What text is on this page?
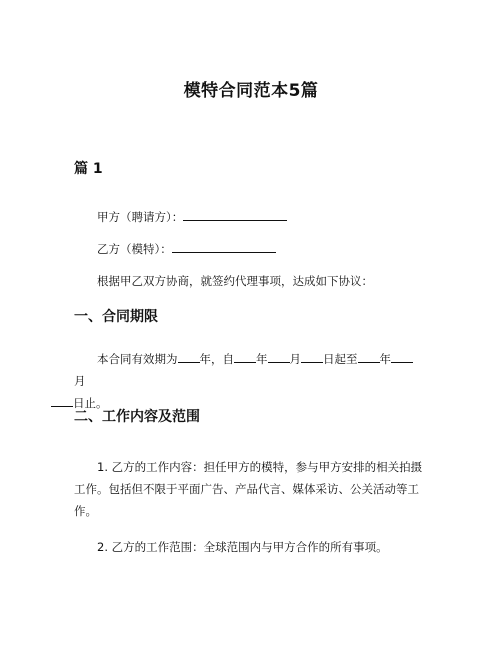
模特合同范本5篇
篇 1
甲方（聘请方）：
乙方（模特）：
根据甲乙双方协商，就签约代理事项，达成如下协议：
一、合同期限
本合同有效期为 年，自 年 月 日起至 年月
日止。
二、工作内容及范围
1. 乙方的工作内容：担任甲方的模特，参与甲方安排的相关拍摄工作。包括但不限于平面广告、产品代言、媒体采访、公关活动等工作。
2. 乙方的工作范围：全球范围内与甲方合作的所有事项。
